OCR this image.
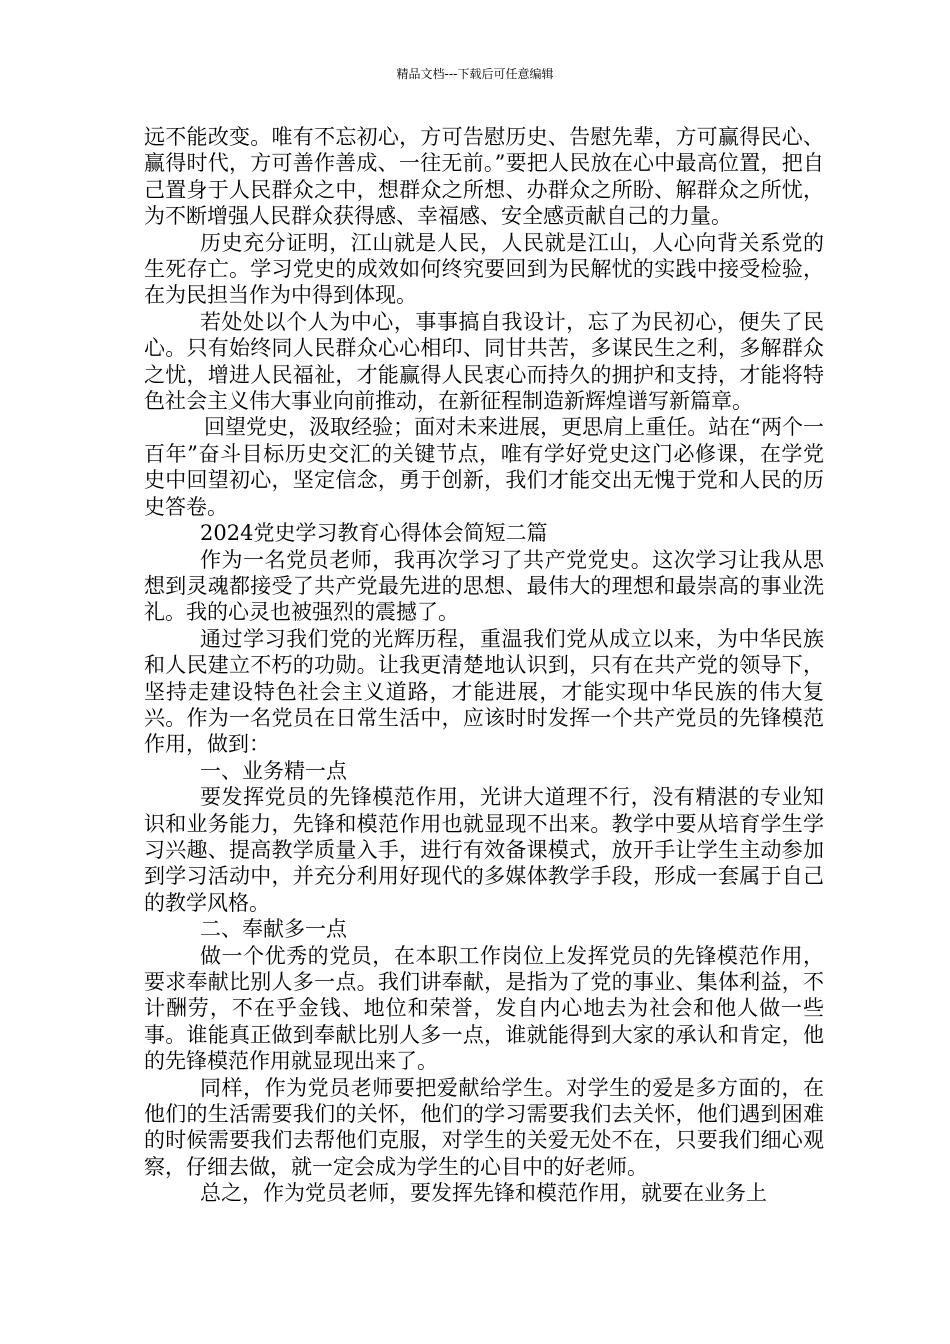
精品文档---下载后可任意编辑

远不能改变。唯有不忘初心，方可告慰历史、告慰先辈，方可赢得民心、赢得时代，方可善作善成、一往无前。”要把人民放在心中最高位置，把自己置身于人民群众之中，想群众之所想、办群众之所盼、解群众之所忧，为不断增强人民群众获得感、幸福感、安全感贡献自己的力量。

历史充分证明，江山就是人民，人民就是江山，人心向背关系党的生死存亡。学习党史的成效如何终究要回到为民解忧的实践中接受检验，在为民担当作为中得到体现。

若处处以个人为中心，事事搞自我设计，忘了为民初心，便失了民心。只有始终同人民群众心心相印、同甘共苦，多谋民生之利，多解群众之忧，增进人民福祉，才能赢得人民衷心而持久的拥护和支持，才能将特色社会主义伟大事业向前推动，在新征程制造新辉煌谱写新篇章。

回望党史，汲取经验；面对未来进展，更思肩上重任。站在“两个一百年”奋斗目标历史交汇的关键节点，唯有学好党史这门必修课，在学党史中回望初心，坚定信念，勇于创新，我们才能交出无愧于党和人民的历史答卷。

2024党史学习教育心得体会简短二篇

作为一名党员老师，我再次学习了共产党党史。这次学习让我从思想到灵魂都接受了共产党最先进的思想、最伟大的理想和最崇高的事业洗礼。我的心灵也被强烈的震撼了。

通过学习我们党的光辉历程，重温我们党从成立以来，为中华民族和人民建立不朽的功勋。让我更清楚地认识到，只有在共产党的领导下，坚持走建设特色社会主义道路，才能进展，才能实现中华民族的伟大复兴。作为一名党员在日常生活中，应该时时发挥一个共产党员的先锋模范作用，做到：

一、业务精一点

要发挥党员的先锋模范作用，光讲大道理不行，没有精湛的专业知识和业务能力，先锋和模范作用也就显现不出来。教学中要从培育学生学习兴趣、提高教学质量入手，进行有效备课模式，放开手让学生主动参加到学习活动中，并充分利用好现代的多媒体教学手段，形成一套属于自己的教学风格。

二、奉献多一点

做一个优秀的党员，在本职工作岗位上发挥党员的先锋模范作用，要求奉献比别人多一点。我们讲奉献，是指为了党的事业、集体利益，不计酬劳，不在乎金钱、地位和荣誉，发自内心地去为社会和他人做一些事。谁能真正做到奉献比别人多一点，谁就能得到大家的承认和肯定，他的先锋模范作用就显现出来了。

同样，作为党员老师要把爱献给学生。对学生的爱是多方面的，在他们的生活需要我们的关怀，他们的学习需要我们去关怀，他们遇到困难的时候需要我们去帮他们克服，对学生的关爱无处不在，只要我们细心观察，仔细去做，就一定会成为学生的心目中的好老师。

总之，作为党员老师，要发挥先锋和模范作用，就要在业务上
